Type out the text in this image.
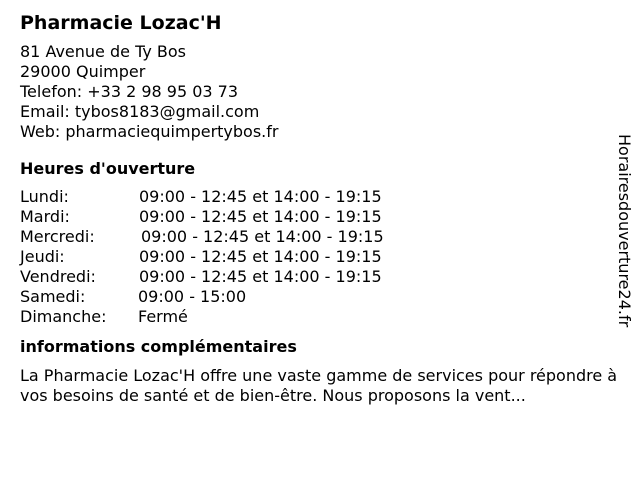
Pharmacie Lozac'H
81 Avenue de Ty Bos
29000 Quimper
Telefon: +33 2 98 95 03 73
Email: tybos8183@gmail.com
Web: pharmaciequimpertybos.fr
Heures d'ouverture
Lundi:	09:00 - 12:45 et 14:00 - 19:15
Mardi:	09:00 - 12:45 et 14:00 - 19:15
Mercredi:	09:00 - 12:45 et 14:00 - 19:15
Jeudi:	09:00 - 12:45 et 14:00 - 19:15
Vendredi:	09:00 - 12:45 et 14:00 - 19:15
Samedi:	09:00 - 15:00
Dimanche: Fermé
informations complémentaires
La Pharmacie Lozac'H offre une vaste gamme de services pour répondre à vos besoins de santé et de bien-être. Nous proposons la vent...
Horairesdouverture24.fr
